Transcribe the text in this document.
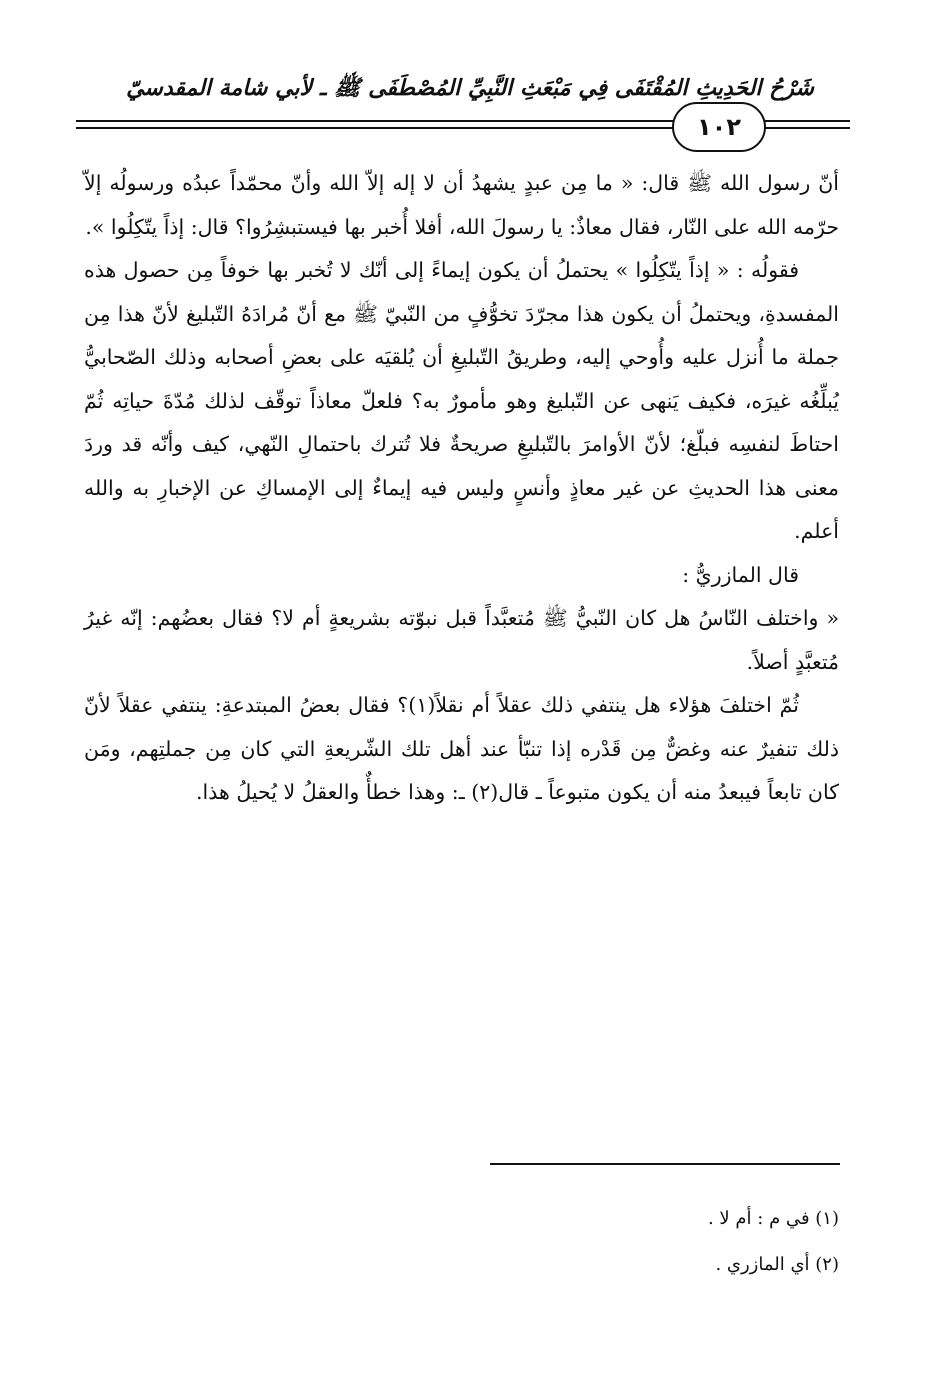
شَرْحُ الحَدِيثِ المُقْتَفَى فِي مَبْعَثِ النَّبِيِّ المُصْطَفَى ﷺ ـ لأبي شامة المقدسيّ
١٠٢

أنّ رسول الله ﷺ قال: « ما مِن عبدٍ يشهدُ أن لا إله إلاّ الله وأنّ محمّداً عبدُه ورسولُه إلاّ حرّمه الله على النّار، فقال معاذٌ: يا رسولَ الله، أفلا أُخبر بها فيستبشِرُوا؟ قال: إذاً يتّكِلُوا ».

فقولُه : « إذاً يتّكِلُوا » يحتملُ أن يكون إيماءً إلى أنّك لا تُخبر بها خوفاً مِن حصول هذه المفسدةِ، ويحتملُ أن يكون هذا مجرّدَ تخوُّفٍ من النّبيّ ﷺ مع أنّ مُرادَهُ التّبليغ لأنّ هذا مِن جملة ما أُنزل عليه وأُوحي إليه، وطريقُ التّبليغِ أن يُلقيَه على بعضِ أصحابه وذلك الصّحابيُّ يُبلِّغُه غيرَه، فكيف يَنهى عن التّبليغ وهو مأمورٌ به؟ فلعلّ معاذاً توقّف لذلك مُدّةَ حياتِه ثُمّ احتاطَ لنفسِه فبلّغ؛ لأنّ الأوامرَ بالتّبليغِ صريحةٌ فلا تُترك باحتمالِ النّهي، كيف وأنّه قد وردَ معنى هذا الحديثِ عن غير معاذٍ وأنسٍ وليس فيه إيماءٌ إلى الإمساكِ عن الإخبارِ به والله أعلم.

قال المازريُّ :

« واختلف النّاسُ هل كان النّبيُّ ﷺ مُتعبَّداً قبل نبوّته بشريعةٍ أم لا؟ فقال بعضُهم: إنّه غيرُ مُتعبَّدٍ أصلاً.

ثُمّ اختلفَ هؤلاء هل ينتفي ذلك عقلاً أم نقلاً(١)؟ فقال بعضُ المبتدعةِ: ينتفي عقلاً لأنّ ذلك تنفيرٌ عنه وغضٌّ مِن قَدْره إذا تنبّأ عند أهل تلك الشّريعةِ التي كان مِن جملتِهم، ومَن كان تابعاً فيبعدُ منه أن يكون متبوعاً ـ قال(٢) ـ: وهذا خطأٌ والعقلُ لا يُحيلُ هذا.

(١) في م : أم لا .

(٢) أي المازري .
